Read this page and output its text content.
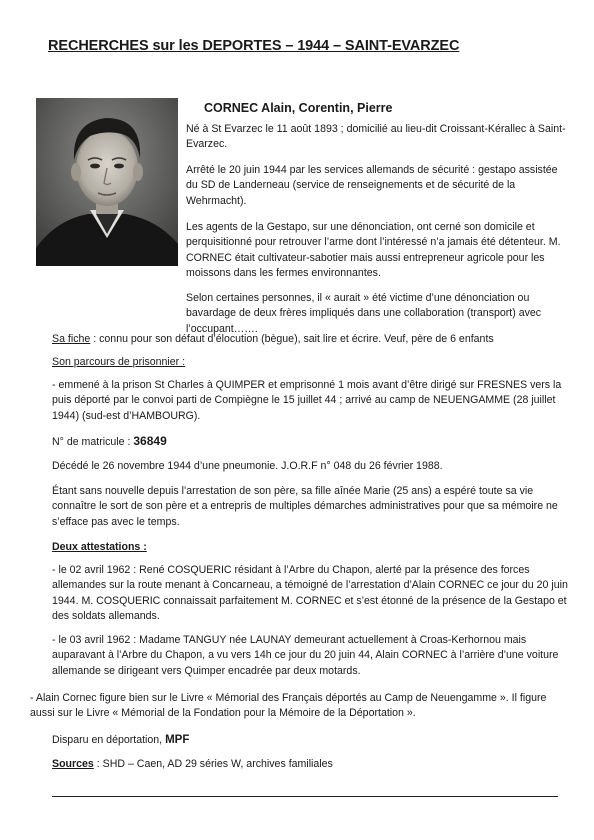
RECHERCHES sur les DEPORTES – 1944 – SAINT-EVARZEC
CORNEC Alain, Corentin, Pierre

Né à St Evarzec le 11 août 1893 ; domicilié au lieu-dit Croissant-Kérallec à Saint-Evarzec.

Arrêté le 20 juin 1944 par les services allemands de sécurité : gestapo assistée du SD de Landerneau (service de renseignements et de sécurité de la Wehrmacht).

Les agents de la Gestapo, sur une dénonciation, ont cerné son domicile et perquisitionné pour retrouver l’arme dont l’intéressé n’a jamais été détenteur. M. CORNEC était cultivateur-sabotier mais aussi entrepreneur agricole pour les moissons dans les fermes environnantes.

Selon certaines personnes, il « aurait » été victime d’une dénonciation ou bavardage de deux frères impliqués dans une collaboration (transport) avec l’occupant…….

Sa fiche : connu pour son défaut d’élocution (bègue), sait lire et écrire. Veuf, père de 6 enfants

Son parcours de prisonnier :

- emmené à la prison St Charles à QUIMPER et emprisonné 1 mois avant d’être dirigé sur FRESNES vers la puis déporté par le convoi parti de Compiègne le 15 juillet 44 ; arrivé au camp de NEUENGAMME (28 juillet 1944) (sud-est d’HAMBOURG).

N° de matricule : 36849

Décédé le 26 novembre 1944 d’une pneumonie. J.O.R.F n° 048 du 26 février 1988.

Étant sans nouvelle depuis l’arrestation de son père, sa fille aînée Marie (25 ans) a espéré toute sa vie connaître le sort de son père et a entrepris de multiples démarches administratives pour que sa mémoire ne s’efface pas avec le temps.

Deux attestations :

- le 02 avril 1962 : René COSQUERIC résidant à l’Arbre du Chapon, alerté par la présence des forces allemandes sur la route menant à Concarneau, a témoigné de l’arrestation d’Alain CORNEC ce jour du 20 juin 1944. M. COSQUERIC connaissait parfaitement M. CORNEC et s’est étonné de la présence de la Gestapo et des soldats allemands.

- le 03 avril 1962 : Madame TANGUY née LAUNAY demeurant actuellement à Croas-Kerhornou mais auparavant à l’Arbre du Chapon, a vu vers 14h ce jour du 20 juin 44, Alain CORNEC à l’arrière d’une voiture allemande se dirigeant vers Quimper encadrée par deux motards.

- Alain Cornec figure bien sur le Livre « Mémorial des Français déportés au Camp de Neuengamme ». Il figure aussi sur le Livre « Mémorial de la Fondation pour la Mémoire de la Déportation ».

Disparu en déportation, MPF

Sources : SHD – Caen, AD 29 séries W, archives familiales
